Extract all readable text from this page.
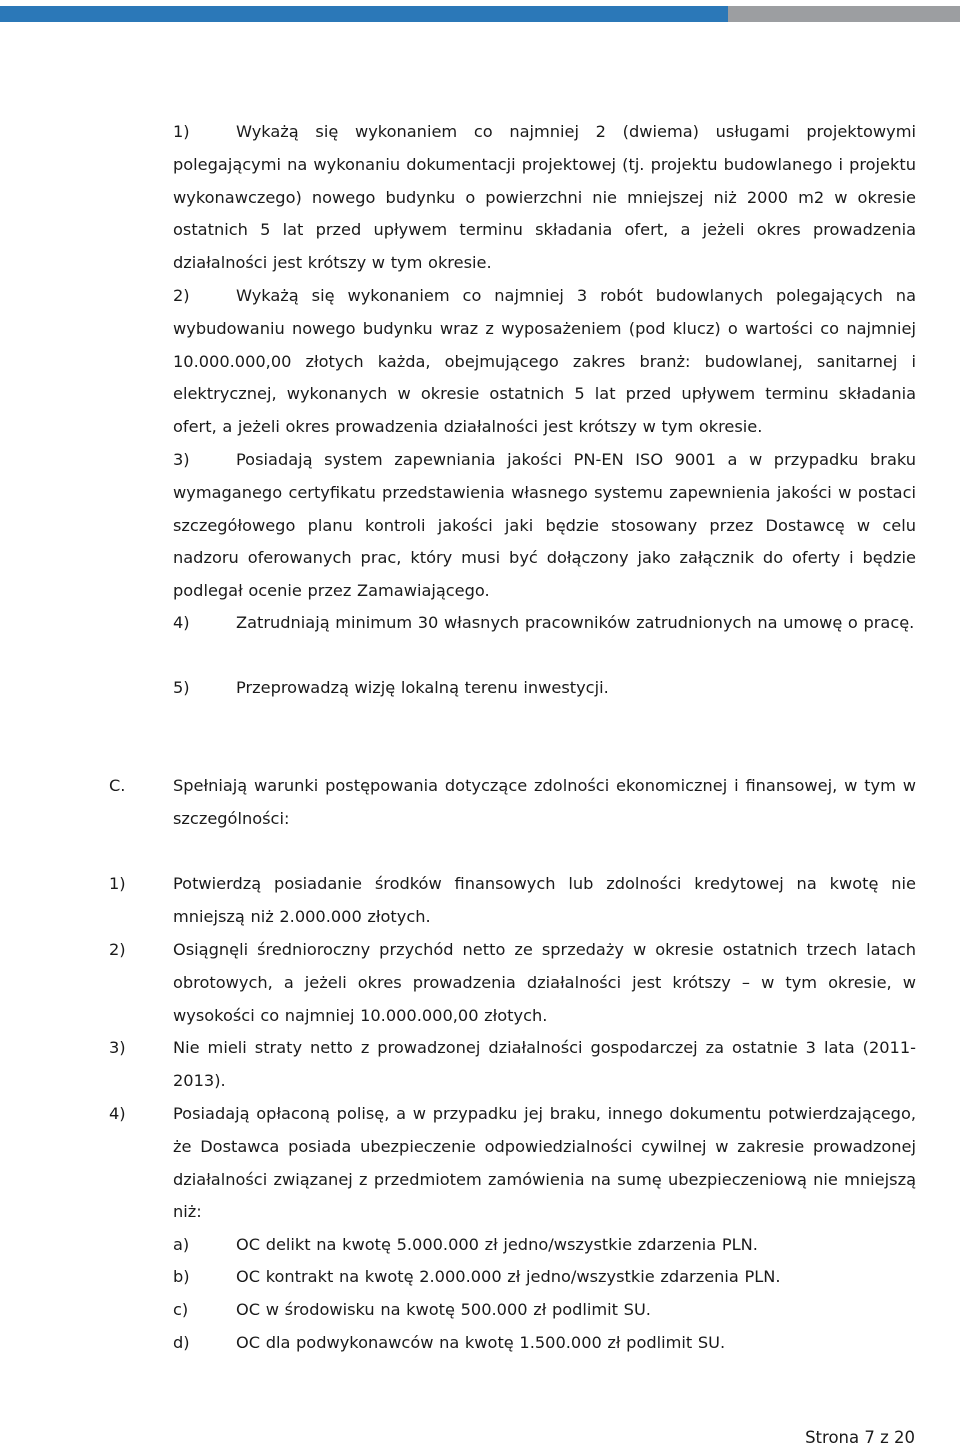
1)	Wykażą się wykonaniem co najmniej 2 (dwiema) usługami projektowymi polegającymi na wykonaniu dokumentacji projektowej (tj. projektu budowlanego i projektu wykonawczego) nowego budynku o powierzchni nie mniejszej niż 2000 m2 w okresie ostatnich 5 lat przed upływem terminu składania ofert, a jeżeli okres prowadzenia działalności jest krótszy w tym okresie.
2)	Wykażą się wykonaniem co najmniej 3 robót budowlanych polegających na wybudowaniu nowego budynku wraz z wyposażeniem (pod klucz) o wartości co najmniej 10.000.000,00 złotych każda, obejmującego zakres branż: budowlanej, sanitarnej i elektrycznej, wykonanych w okresie ostatnich 5 lat przed upływem terminu składania ofert, a jeżeli okres prowadzenia działalności jest krótszy w tym okresie.
3)	Posiadają system zapewniania jakości PN-EN ISO 9001 a w przypadku braku wymaganego certyfikatu przedstawienia własnego systemu zapewnienia jakości w postaci szczegółowego planu kontroli jakości jaki będzie stosowany przez Dostawcę w celu nadzoru oferowanych prac, który musi być dołączony jako załącznik do oferty i będzie podlegał ocenie przez Zamawiającego.
4)	Zatrudniają minimum 30 własnych pracowników zatrudnionych na umowę o pracę.
5)	Przeprowadzą wizję lokalną terenu inwestycji.
C.	Spełniają warunki postępowania dotyczące zdolności ekonomicznej i finansowej, w tym w szczególności:
1)	Potwierdzą posiadanie środków finansowych lub zdolności kredytowej na kwotę nie mniejszą niż 2.000.000 złotych.
2)	Osiągnęli średnioroczny przychód netto ze sprzedaży w okresie ostatnich trzech latach obrotowych, a jeżeli okres prowadzenia działalności jest krótszy – w tym okresie, w wysokości co najmniej 10.000.000,00 złotych.
3)	Nie mieli straty netto z prowadzonej działalności gospodarczej za ostatnie 3 lata (2011-2013).
4)	Posiadają opłaconą polisę, a w przypadku jej braku, innego dokumentu potwierdzającego, że Dostawca posiada ubezpieczenie odpowiedzialności cywilnej w zakresie prowadzonej działalności związanej z przedmiotem zamówienia na sumę ubezpieczeniową nie mniejszą niż:
a)	OC delikt na kwotę 5.000.000 zł jedno/wszystkie zdarzenia PLN.
b)	OC kontrakt na kwotę 2.000.000 zł jedno/wszystkie zdarzenia PLN.
c)	OC w środowisku na kwotę 500.000 zł podlimit SU.
d)	OC dla podwykonawców na kwotę 1.500.000 zł podlimit SU.
Strona 7 z 20
